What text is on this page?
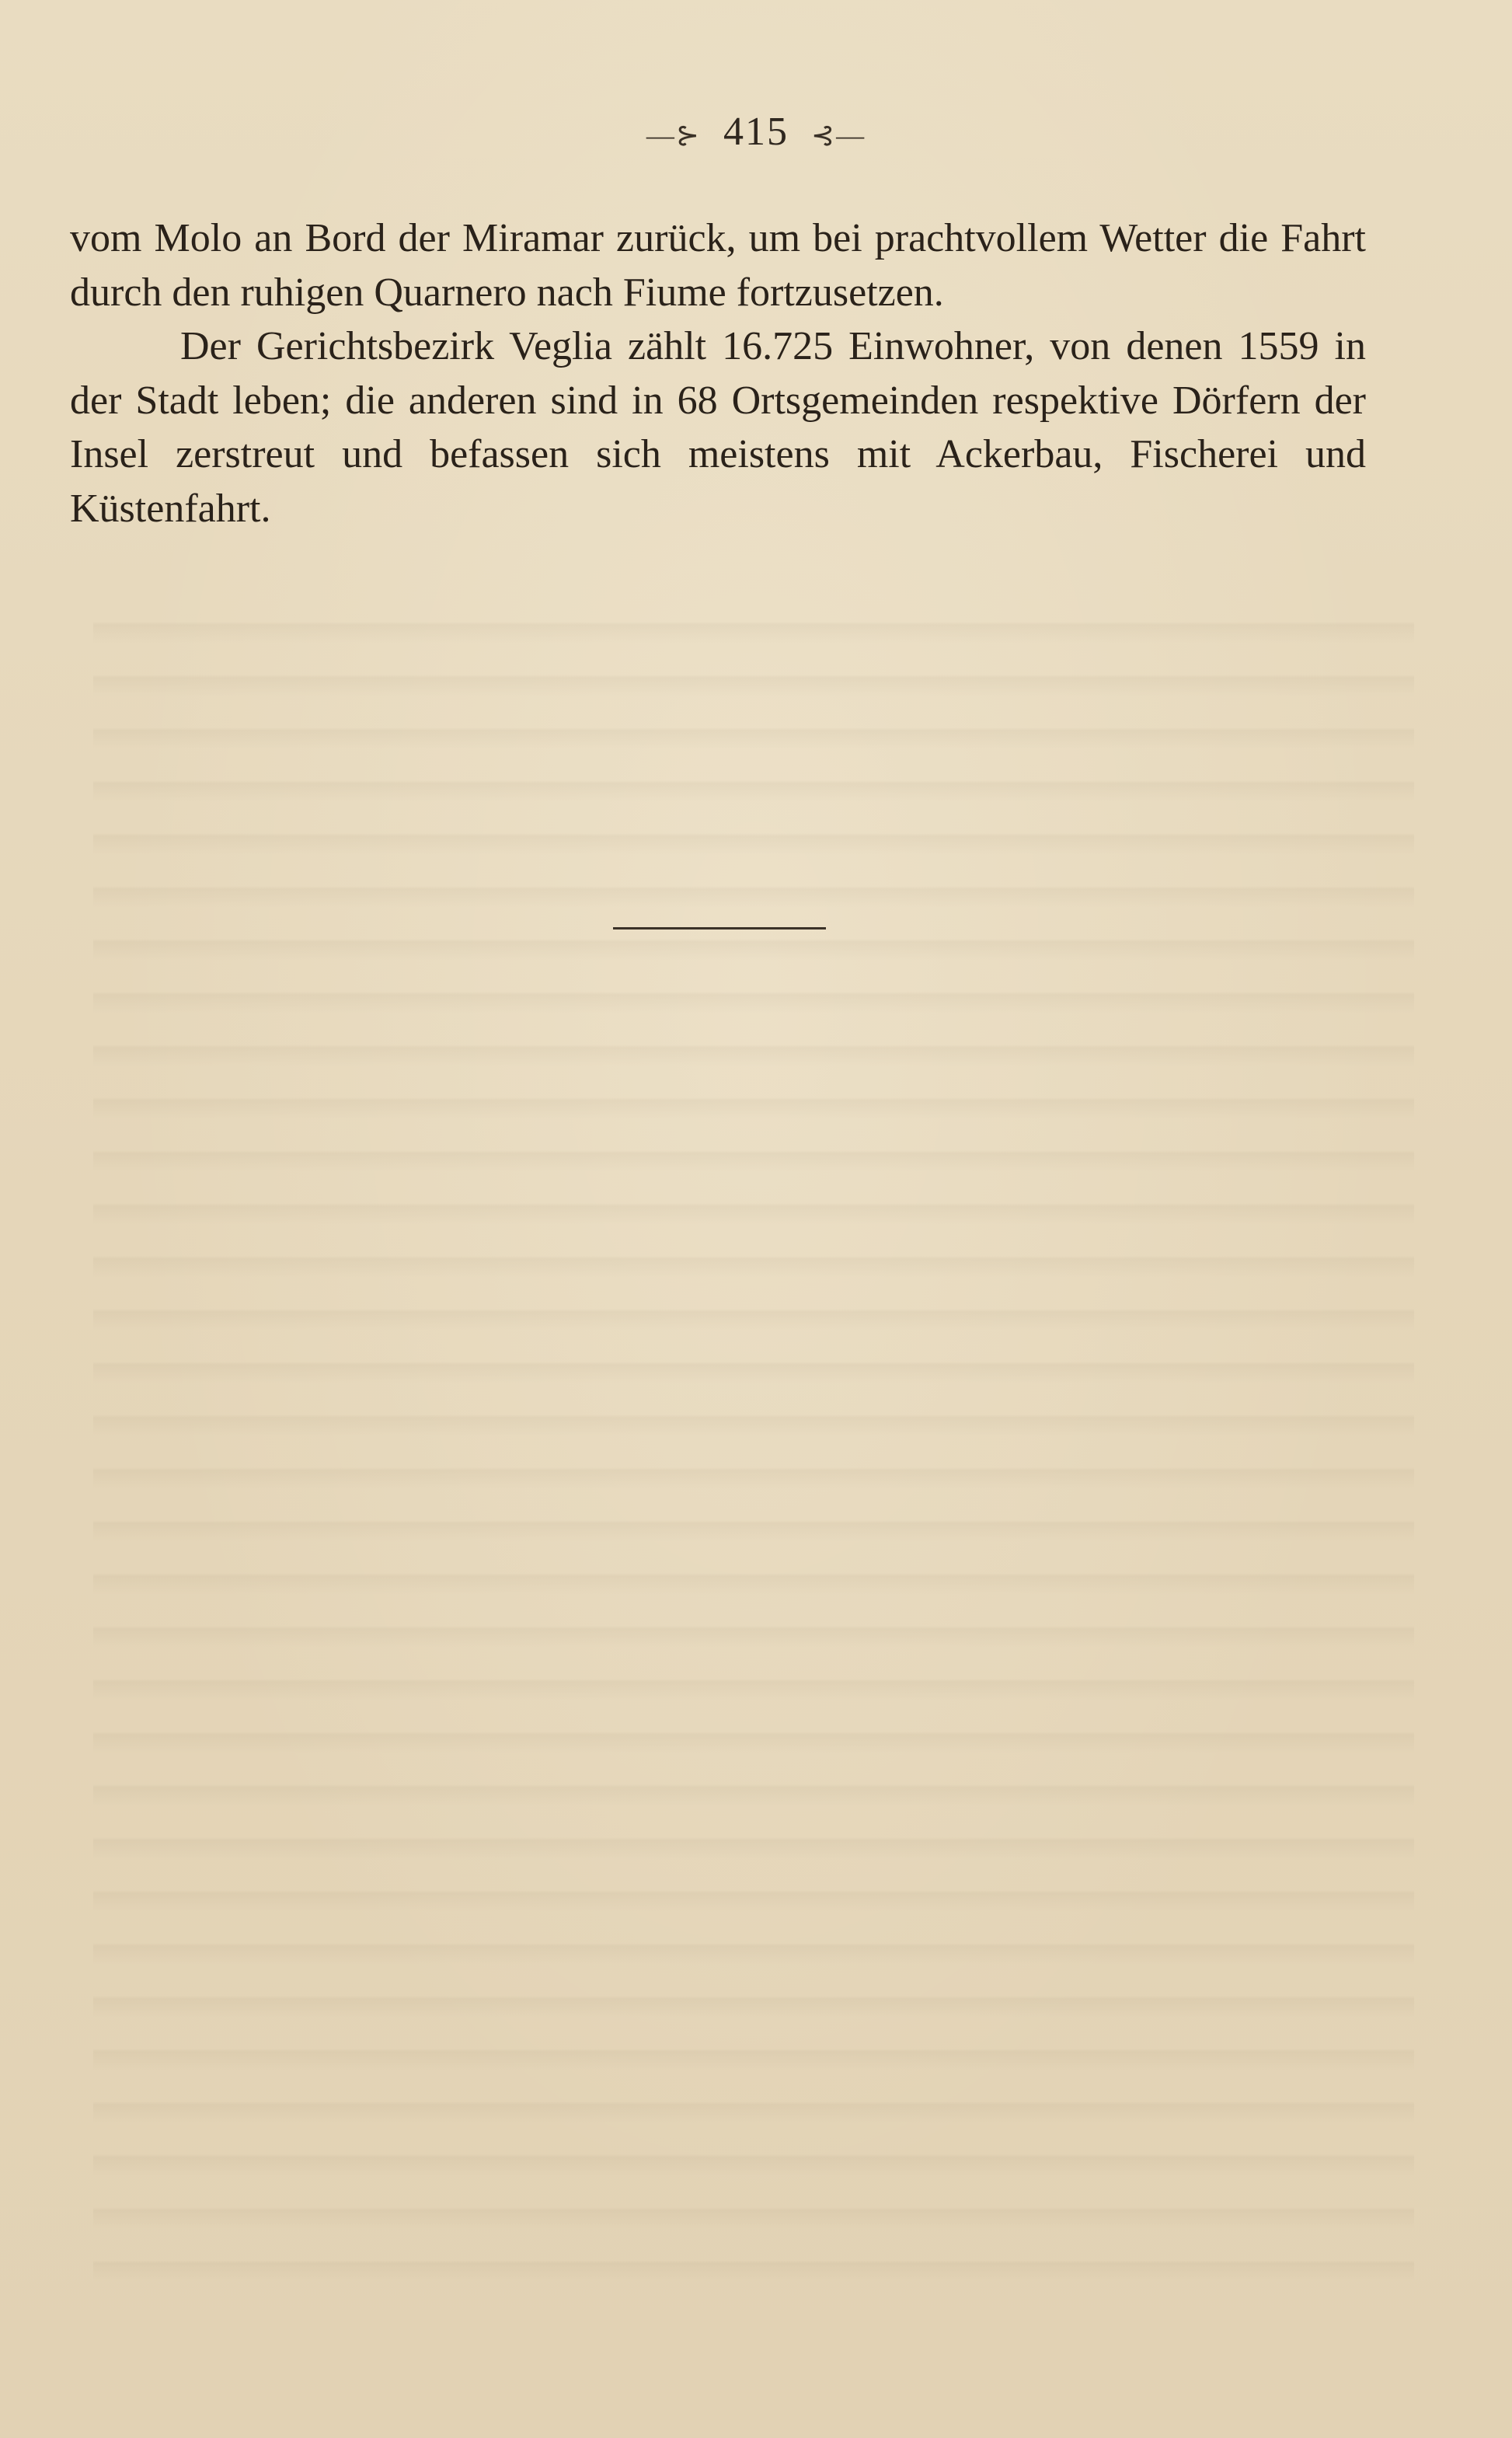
—⊱ 415 ⊰—

vom Molo an Bord der Miramar zurück, um bei prachtvollem Wetter die Fahrt durch den ruhigen Quarnero nach Fiume fortzusetzen.

Der Gerichtsbezirk Veglia zählt 16.725 Einwohner, von denen 1559 in der Stadt leben; die anderen sind in 68 Ortsgemeinden respektive Dörfern der Insel zerstreut und befassen sich meistens mit Ackerbau, Fischerei und Küstenfahrt.
